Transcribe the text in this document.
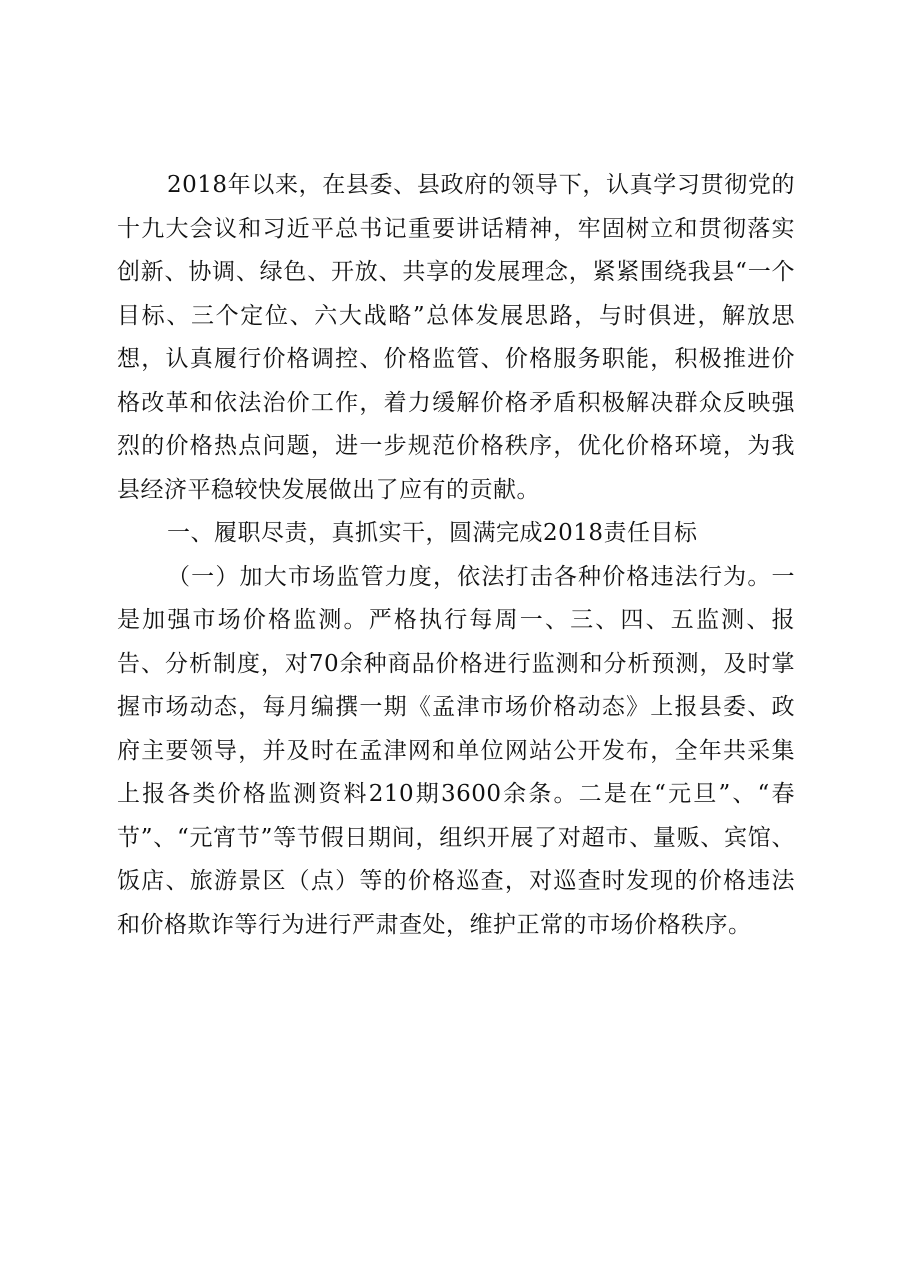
2018年以来，在县委、县政府的领导下，认真学习贯彻党的十九大会议和习近平总书记重要讲话精神，牢固树立和贯彻落实创新、协调、绿色、开放、共享的发展理念，紧紧围绕我县“一个目标、三个定位、六大战略”总体发展思路，与时俱进，解放思想，认真履行价格调控、价格监管、价格服务职能，积极推进价格改革和依法治价工作，着力缓解价格矛盾积极解决群众反映强烈的价格热点问题，进一步规范价格秩序，优化价格环境，为我县经济平稳较快发展做出了应有的贡献。

一、履职尽责，真抓实干，圆满完成2018责任目标

（一）加大市场监管力度，依法打击各种价格违法行为。一是加强市场价格监测。严格执行每周一、三、四、五监测、报告、分析制度，对70余种商品价格进行监测和分析预测，及时掌握市场动态，每月编撰一期《孟津市场价格动态》上报县委、政府主要领导，并及时在孟津网和单位网站公开发布，全年共采集上报各类价格监测资料210期3600余条。二是在“元旦”、“春节”、“元宵节”等节假日期间，组织开展了对超市、量贩、宾馆、饭店、旅游景区（点）等的价格巡查，对巡查时发现的价格违法和价格欺诈等行为进行严肃查处，维护正常的市场价格秩序。
